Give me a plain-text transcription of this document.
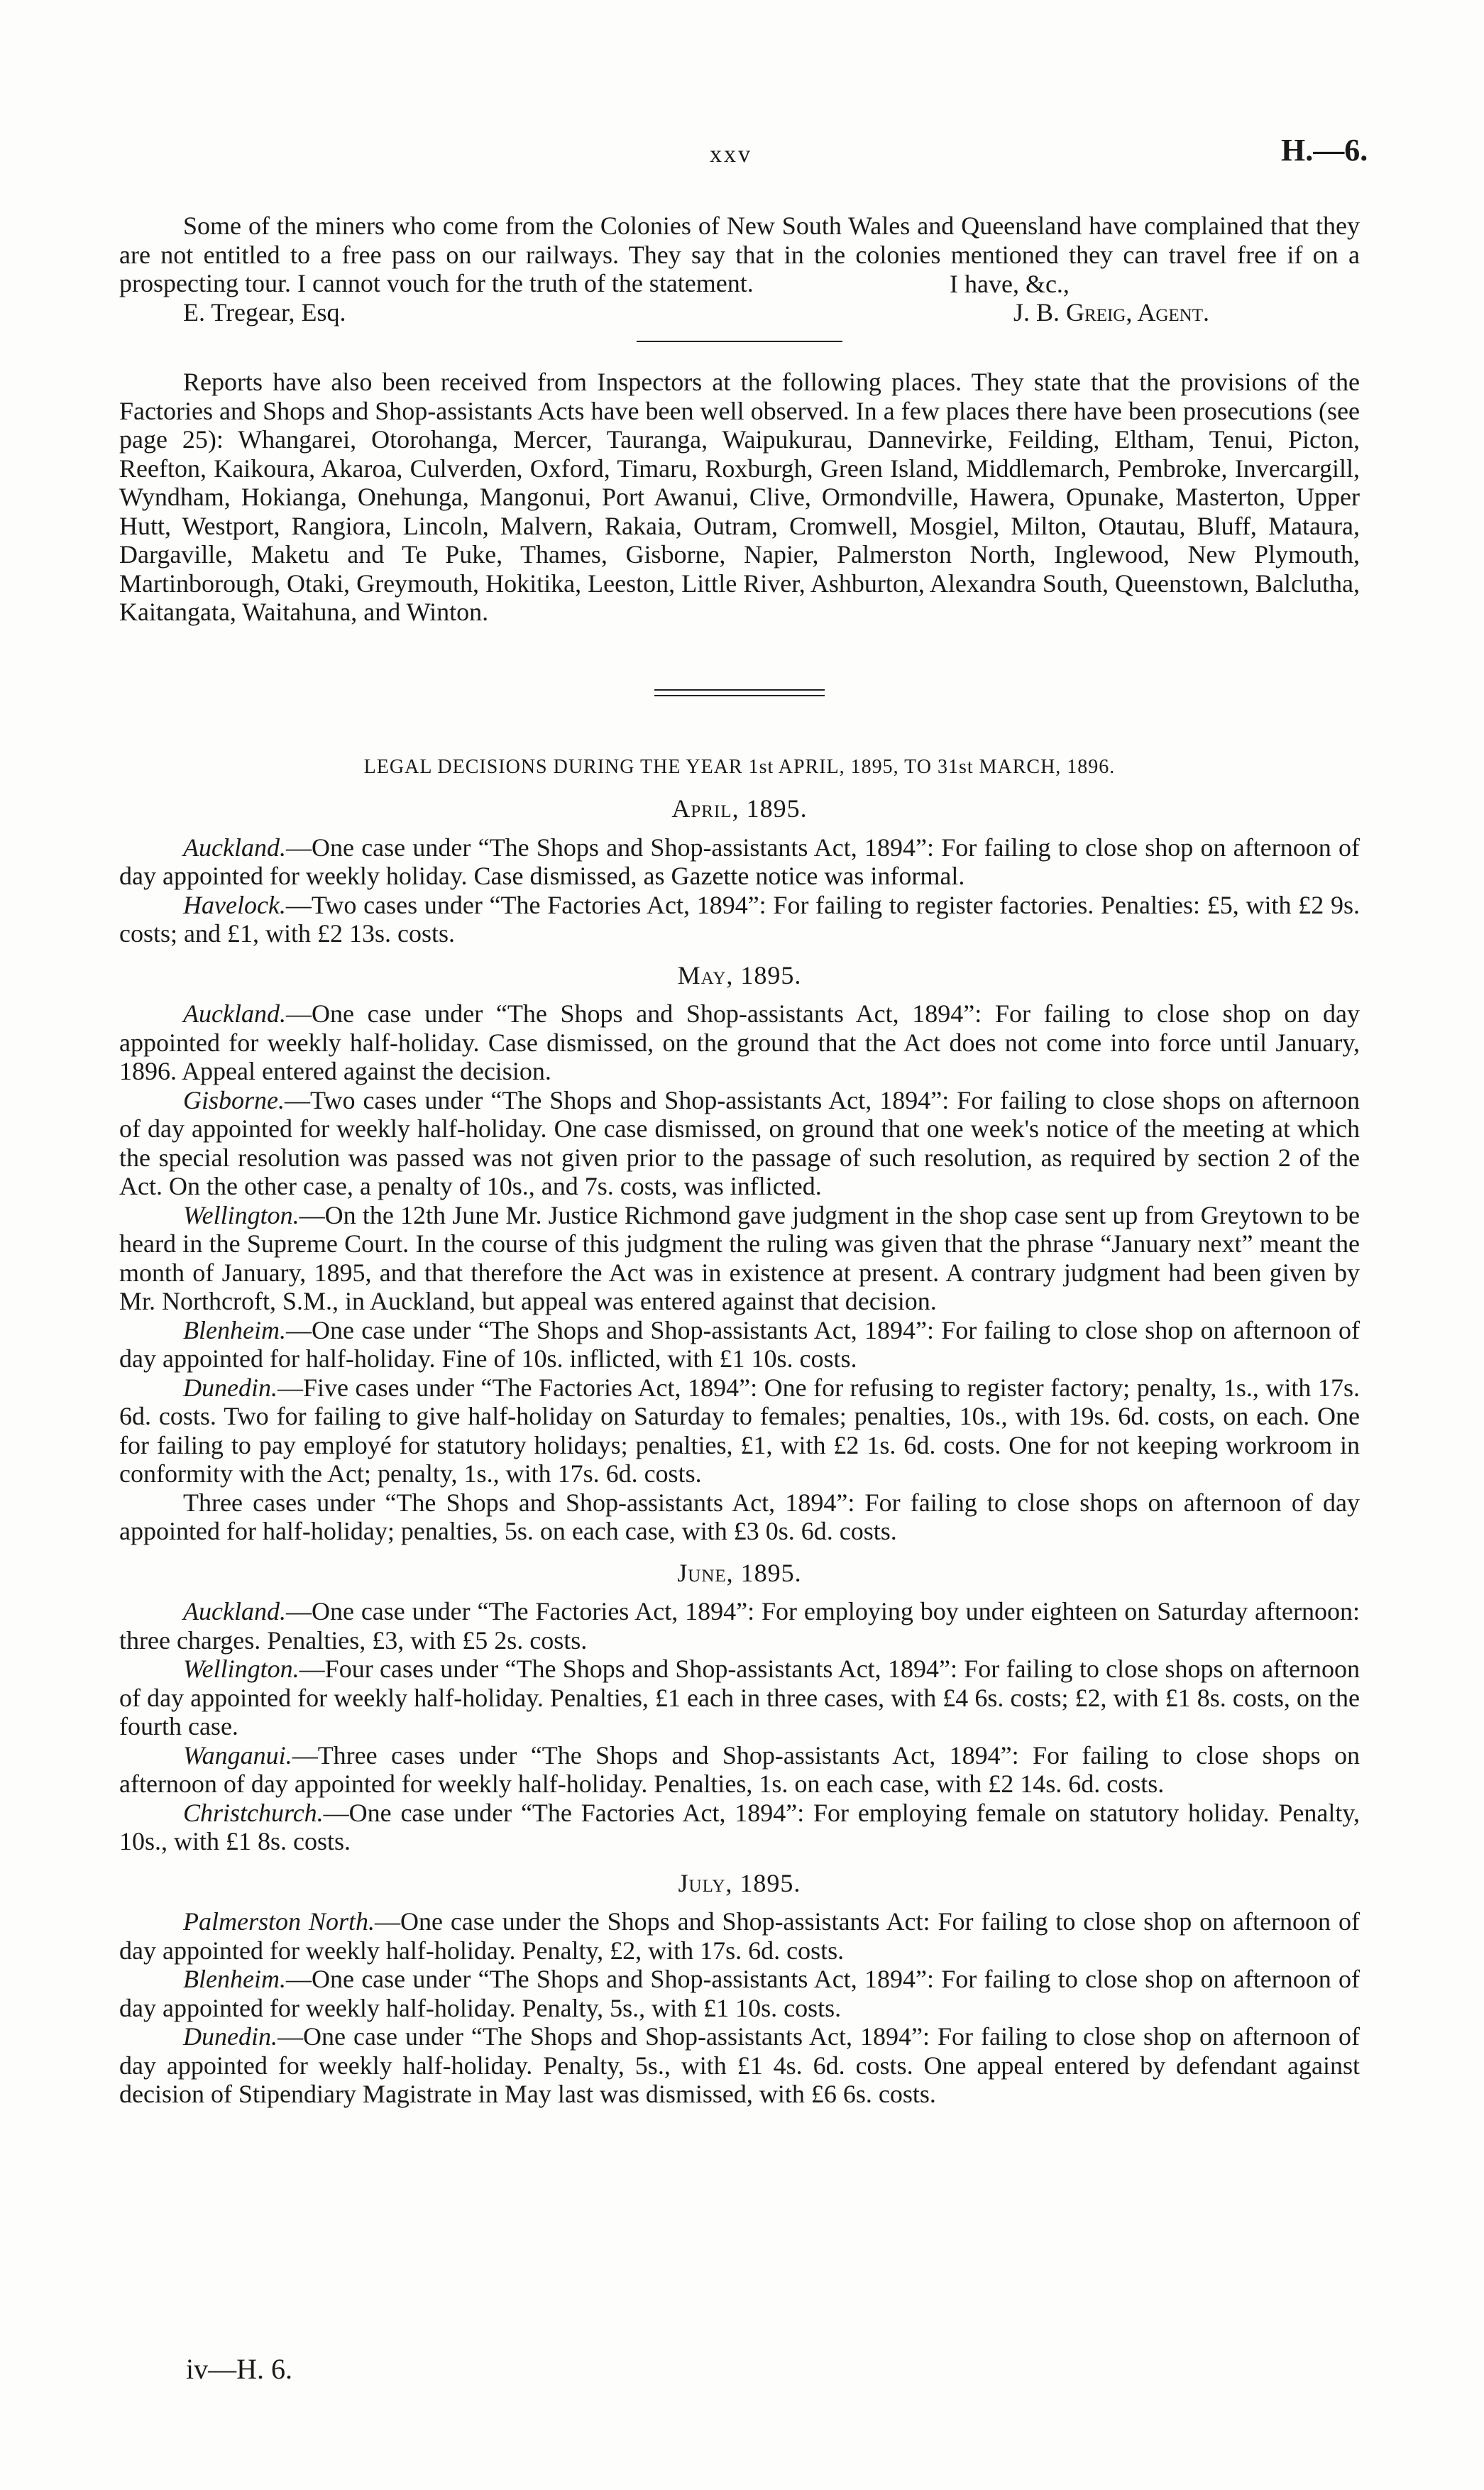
xxv	H.—6.

Some of the miners who come from the Colonies of New South Wales and Queensland have complained that they are not entitled to a free pass on our railways. They say that in the colonies mentioned they can travel free if on a prospecting tour. I cannot vouch for the truth of the statement.	I have, &c.,
E. Tregear, Esq.	J. B. Greig, Agent.

Reports have also been received from Inspectors at the following places. They state that the provisions of the Factories and Shops and Shop-assistants Acts have been well observed. In a few places there have been prosecutions (see page 25): Whangarei, Otorohanga, Mercer, Tauranga, Waipukurau, Dannevirke, Feilding, Eltham, Tenui, Picton, Reefton, Kaikoura, Akaroa, Culverden, Oxford, Timaru, Roxburgh, Green Island, Middlemarch, Pembroke, Invercargill, Wyndham, Hokianga, Onehunga, Mangonui, Port Awanui, Clive, Ormondville, Hawera, Opunake, Masterton, Upper Hutt, Westport, Rangiora, Lincoln, Malvern, Rakaia, Outram, Cromwell, Mosgiel, Milton, Otautau, Bluff, Mataura, Dargaville, Maketu and Te Puke, Thames, Gisborne, Napier, Palmerston North, Inglewood, New Plymouth, Martinborough, Otaki, Greymouth, Hokitika, Leeston, Little River, Ashburton, Alexandra South, Queenstown, Balclutha, Kaitangata, Waitahuna, and Winton.

LEGAL DECISIONS DURING THE YEAR 1st APRIL, 1895, TO 31st MARCH, 1896.
April, 1895.

Auckland.—One case under “The Shops and Shop-assistants Act, 1894”: For failing to close shop on afternoon of day appointed for weekly holiday. Case dismissed, as Gazette notice was informal.

Havelock.—Two cases under “The Factories Act, 1894”: For failing to register factories. Penalties: £5, with £2 9s. costs; and £1, with £2 13s. costs.

May, 1895.

Auckland.—One case under “The Shops and Shop-assistants Act, 1894”: For failing to close shop on day appointed for weekly half-holiday. Case dismissed, on the ground that the Act does not come into force until January, 1896. Appeal entered against the decision.

Gisborne.—Two cases under “The Shops and Shop-assistants Act, 1894”: For failing to close shops on afternoon of day appointed for weekly half-holiday. One case dismissed, on ground that one week's notice of the meeting at which the special resolution was passed was not given prior to the passage of such resolution, as required by section 2 of the Act. On the other case, a penalty of 10s., and 7s. costs, was inflicted.

Wellington.—On the 12th June Mr. Justice Richmond gave judgment in the shop case sent up from Greytown to be heard in the Supreme Court. In the course of this judgment the ruling was given that the phrase “January next” meant the month of January, 1895, and that therefore the Act was in existence at present. A contrary judgment had been given by Mr. Northcroft, S.M., in Auckland, but appeal was entered against that decision.

Blenheim.—One case under “The Shops and Shop-assistants Act, 1894”: For failing to close shop on afternoon of day appointed for half-holiday. Fine of 10s. inflicted, with £1 10s. costs.

Dunedin.—Five cases under “The Factories Act, 1894”: One for refusing to register factory; penalty, 1s., with 17s. 6d. costs. Two for failing to give half-holiday on Saturday to females; penalties, 10s., with 19s. 6d. costs, on each. One for failing to pay employé for statutory holidays; penalties, £1, with £2 1s. 6d. costs. One for not keeping workroom in conformity with the Act; penalty, 1s., with 17s. 6d. costs.

Three cases under “The Shops and Shop-assistants Act, 1894”: For failing to close shops on afternoon of day appointed for half-holiday; penalties, 5s. on each case, with £3 0s. 6d. costs.

June, 1895.

Auckland.—One case under “The Factories Act, 1894”: For employing boy under eighteen on Saturday afternoon: three charges. Penalties, £3, with £5 2s. costs.

Wellington.—Four cases under “The Shops and Shop-assistants Act, 1894”: For failing to close shops on afternoon of day appointed for weekly half-holiday. Penalties, £1 each in three cases, with £4 6s. costs; £2, with £1 8s. costs, on the fourth case.

Wanganui.—Three cases under “The Shops and Shop-assistants Act, 1894”: For failing to close shops on afternoon of day appointed for weekly half-holiday. Penalties, 1s. on each case, with £2 14s. 6d. costs.

Christchurch.—One case under “The Factories Act, 1894”: For employing female on statutory holiday. Penalty, 10s., with £1 8s. costs.

July, 1895.

Palmerston North.—One case under the Shops and Shop-assistants Act: For failing to close shop on afternoon of day appointed for weekly half-holiday. Penalty, £2, with 17s. 6d. costs.

Blenheim.—One case under “The Shops and Shop-assistants Act, 1894”: For failing to close shop on afternoon of day appointed for weekly half-holiday. Penalty, 5s., with £1 10s. costs.

Dunedin.—One case under “The Shops and Shop-assistants Act, 1894”: For failing to close shop on afternoon of day appointed for weekly half-holiday. Penalty, 5s., with £1 4s. 6d. costs. One appeal entered by defendant against decision of Stipendiary Magistrate in May last was dismissed, with £6 6s. costs.

iv—H. 6.
